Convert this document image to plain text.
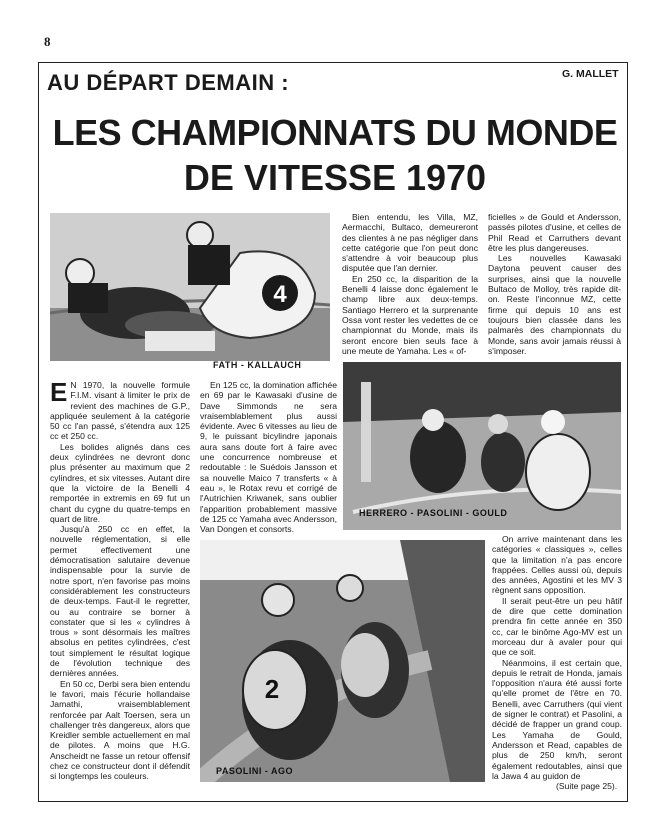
8
AU DÉPART DEMAIN :	G. MALLET
LES CHAMPIONNATS DU MONDE
DE VITESSE 1970
4
FATH - KALLAUCH
HERRERO - PASOLINI - GOULD
2
PASOLINI - AGO

E N 1970, la nouvelle formule F.I.M. visant à limiter le prix de revient des machines de G.P., appliquée seulement à la catégorie 50 cc l'an passé, s'étendra aux 125 cc et 250 cc.

Les bolides alignés dans ces deux cylindrées ne devront donc plus présenter au maximum que 2 cylindres, et six vitesses. Autant dire que la victoire de la Benelli 4 remportée in extremis en 69 fut un chant du cygne du quatre-temps en quart de litre.

Jusqu'à 250 cc en effet, la nouvelle réglementation, si elle permet effectivement une démocratisation salutaire devenue indispensable pour la survie de notre sport, n'en favorise pas moins considérablement les constructeurs de deux-temps. Faut-il le regretter, ou au contraire se borner à constater que si les « cylindres à trous » sont désormais les maîtres absolus en petites cylindrées, c'est tout simplement le résultat logique de l'évolution technique des dernières années.

En 50 cc, Derbi sera bien entendu le favori, mais l'écurie hollandaise Jamathi, vraisemblablement renforcée par Aalt Toersen, sera un challenger très dangereux, alors que Kreidler semble actuellement en mal de pilotes. A moins que H.G. Anscheidt ne fasse un retour offensif chez ce constructeur dont il défendit si longtemps les couleurs.

En 125 cc, la domination affichée en 69 par le Kawasaki d'usine de Dave Simmonds ne sera vraisemblablement plus aussi évidente. Avec 6 vitesses au lieu de 9, le puissant bicylindre japonais aura sans doute fort à faire avec une concurrence nombreuse et redoutable : le Suédois Jansson et sa nouvelle Maico 7 transferts « à eau », le Rotax revu et corrigé de l'Autrichien Kriwanek, sans oublier l'apparition probablement massive de 125 cc Yamaha avec Andersson, Van Dongen et consorts.

Bien entendu, les Villa, MZ, Aermacchi, Bultaco, demeureront des clientes à ne pas négliger dans cette catégorie que l'on peut donc s'attendre à voir beaucoup plus disputée que l'an dernier.

En 250 cc, la disparition de la Benelli 4 laisse donc également le champ libre aux deux-temps. Santiago Herrero et la surprenante Ossa vont rester les vedettes de ce championnat du Monde, mais ils seront encore bien seuls face à une meute de Yamaha. Les « of-

ficielles » de Gould et Andersson, passés pilotes d'usine, et celles de Phil Read et Carruthers devant être les plus dangereuses.

Les nouvelles Kawasaki Daytona peuvent causer des surprises, ainsi que la nouvelle Bultaco de Molloy, très rapide dit-on. Reste l'inconnue MZ, cette firme qui depuis 10 ans est toujours bien classée dans les palmarès des championnats du Monde, sans avoir jamais réussi à s'imposer.

On arrive maintenant dans les catégories « classiques », celles que la limitation n'a pas encore frappées. Celles aussi où, depuis des années, Agostini et les MV 3 règnent sans opposition.

Il serait peut-être un peu hâtif de dire que cette domination prendra fin cette année en 350 cc, car le binôme Ago-MV est un morceau dur à avaler pour qui que ce soit.

Néanmoins, il est certain que, depuis le retrait de Honda, jamais l'opposition n'aura été aussi forte qu'elle promet de l'être en 70. Benelli, avec Carruthers (qui vient de signer le contrat) et Pasolini, a décidé de frapper un grand coup. Les Yamaha de Gould, Andersson et Read, capables de plus de 250 km/h, seront également redoutables, ainsi que la Jawa 4 au guidon de

(Suite page 25).
